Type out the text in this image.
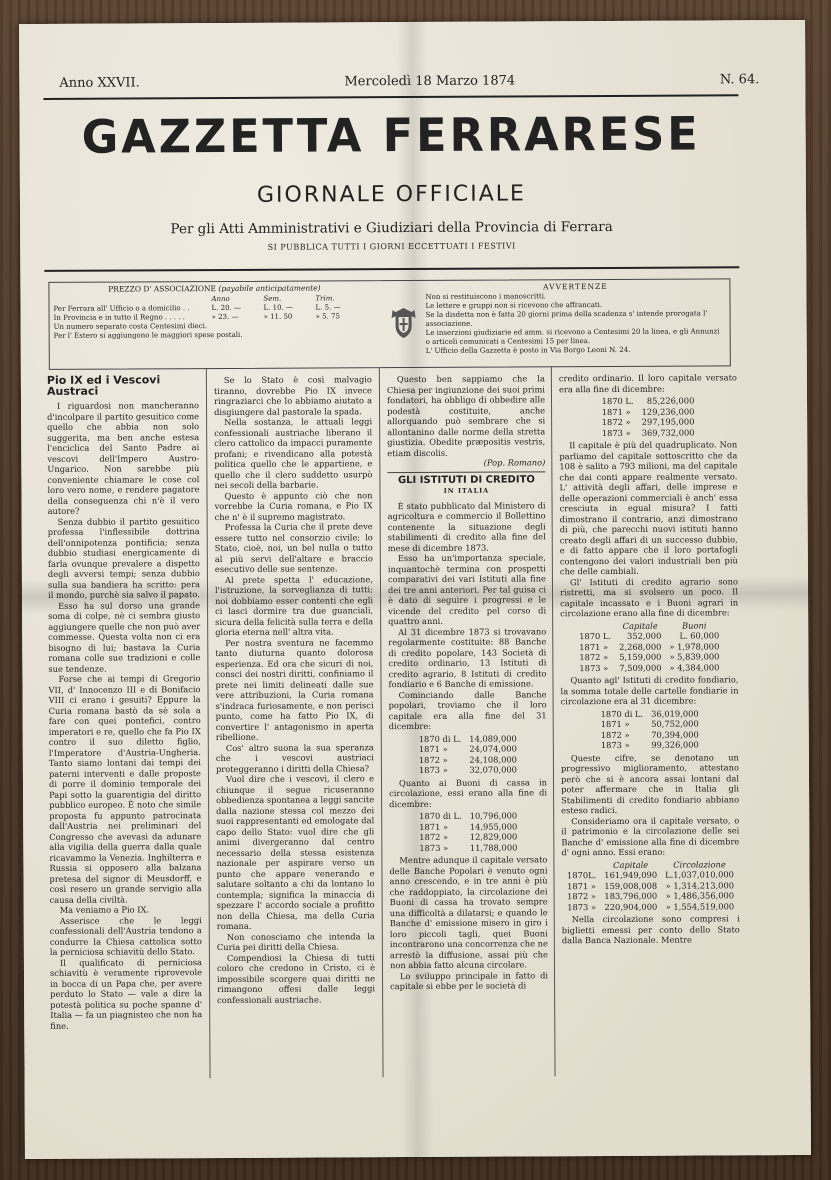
Anno XXVII.	Mercoledì 18 Marzo 1874	N. 64.
GAZZETTA FERRARESE
GIORNALE OFFICIALE
Per gli Atti Amministrativi e Giudiziari della Provincia di Ferrara
SI PUBBLICA TUTTI I GIORNI ECCETTUATI I FESTIVI
PREZZO D' ASSOCIAZIONE (payabile anticipatamente)
Anno	Sem.	Trim.
Per Ferrara all' Ufficio o a domicilio . .	L. 20. —	L. 10. —	L. 5. —
In Provincia e in tutto il Regno . . . . .	» 23. —	» 11. 50	» 5. 75
Un numero separato costa Centesimi dieci.
Per l' Estero si aggiungono le maggiori spese postali.
AVVERTENZE
Non si restituiscono i manoscritti.
Le lettere e gruppi non si ricevono che affrancati.
Se la disdetta non è fatta 20 giorni prima della scadenza s' intende prorogata l' associazione.
Le inserzioni giudiziarie ed amm. si ricevono a Centesimi 20 la linea, e gli Annunzi o articoli comunicati a Centesimi 15 per linea.
L' Ufficio della Gazzetta è posto in Via Borgo Leoni N. 24.
Pio IX ed i Vescovi Austraci

I riguardosi non mancheranno d'incolpare il partito gesuitico come quello che abbia non solo suggerita, ma ben anche estesa l'enciclica del Santo Padre ai vescovi dell'Impero Austro-Ungarico. Non sarebbe più conveniente chiamare le cose col loro vero nome, e rendere pagatore della conseguenza chi n'è il vero autore?

Senza dubbio il partito gesuitico professa l'inflessibile dottrina dell'onnipotenza pontificia; senza dubbio studiasi energicamente di farla ovunque prevalere a dispetto degli avversi tempi; senza dubbio sulla sua bandiera ha scritto: pera il mondo, purchè sia salvo il papato.

Esso ha sul dorso una grande soma di colpe, nè ci sembra giusto aggiungere quelle che non può aver commesse. Questa volta non ci era bisogno di lui; bastava la Curia romana colle sue tradizioni e colle sue tendenze.

Forse che ai tempi di Gregorio VII, d' Innocenzo III e di Bonifacio VIII ci erano i gesuiti? Eppure la Curia romana bastò da sè sola a fare con quei pontefici, contro imperatori e re, quello che fa Pio IX contro il suo diletto figlio, l'Imperatore d'Austria-Ungheria. Tanto siamo lontani dai tempi dei paterni interventi e dalle proposte di porre il dominio temporale dei Papi sotto la guarentigia del diritto pubblico europeo. È noto che simile proposta fu appunto patrocinata dall'Austria nei preliminari del Congresso che avevasi da adunare alla vigilia della guerra dalla quale ricavammo la Venezia. Inghilterra e Russia si opposero alla balzana pretesa del signor di Meusdorff, e così resero un grande servigio alla causa della civiltà.

Ma veniamo a Pio IX.

Asserisce che le leggi confessionali dell'Austria tendono a condurre la Chiesa cattolica sotto la perniciosa schiavitù dello Stato.

Il qualificato di perniciosa schiavitù è veramente riprovevole in bocca di un Papa che, per avere perduto lo Stato — vale a dire la potestà politica su poche spanne d' Italia — fa un piagnisteo che non ha fine.

Se lo Stato è così malvagio tiranno, dovrebbe Pio IX invece ringraziarci che lo abbiamo aiutato a disgiungere dal pastorale la spada.

Nella sostanza, le attuali leggi confessionali austriache liberano il clero cattolico da impacci puramente profani; e rivendicano alla potestà politica quello che le appartiene, e quello che il clero suddetto usurpò nei secoli della barbarie.

Questo è appunto ciò che non vorrebbe la Curia romana, e Pio IX che n' è il supremo magistrato.

Professa la Curia che il prete deve essere tutto nel consorzio civile; lo Stato, cioè, noi, un bel nulla o tutto al più servi dell'altare e braccio esecutivo delle sue sentenze.

Al prete spetta l' educazione, l'istruzione, la sorveglianza di tutti; noi dobbiamo esser contenti che egli ci lasci dormire tra due guanciali, sicura della felicità sulla terra e della gloria eterna nell' altra vita.

Per nostra sventura ne facemmo tanto diuturna quanto dolorosa esperienza. Ed ora che sicuri di noi, consci dei nostri diritti, confiniamo il prete nei limiti delineati dalle sue vere attribuzioni, la Curia romana s'indraca furiosamente, e non perisci punto, come ha fatto Pio IX, di convertire l' antagonismo in aperta ribellione.

Cos' altro suona la sua speranza che i vescovi austriaci proteggeranno i diritti della Chiesa?

Vuol dire che i vescovi, il clero e chiunque il segue ricuseranno obbedienza spontanea a leggi sancite dalla nazione stessa col mezzo dei suoi rappresentanti ed emologate dal capo dello Stato: vuol dire che gli animi divergeranno dal centro necessario della stessa esistenza nazionale per aspirare verso un punto che appare venerando e salutare soltanto a chi da lontano lo contempla; significa la minaccia di spezzare l' accordo sociale a profitto non della Chiesa, ma della Curia romana.

Non conosciamo che intenda la Curia pei diritti della Chiesa.

Compendiosi la Chiesa di tutti coloro che credono in Cristo, ci è impossibile scorgere quai diritti ne rimangono offesi dalle leggi confessionali austriache.

Questo ben sappiamo che la Chiesa per ingiunzione dei suoi primi fondatori, ha obbligo di obbedire alle podestà costituite, anche allorquando può sembrare che si allontanino dalle norme della stretta giustizia. Obedite præpositis vestris, etiam discolis.

(Pop. Romano)
GLI ISTITUTI DI CREDITO
IN ITALIA

È stato pubblicato dal Ministero di agricoltura e commercio il Bollettino contenente la situazione degli stabilimenti di credito alla fine del mese di dicembre 1873.

Esso ha un'importanza speciale, inquantochè termina con prospetti comparativi dei vari Istituti alla fine dei tre anni anteriori. Per tal guisa ci è dato di seguire i progressi e le vicende del credito pel corso di quattro anni.

Al 31 dicembre 1873 si trovavano regolarmente costituite: 88 Banche di credito popolare, 143 Società di credito ordinario, 13 Istituti di credito agrario, 8 Istituti di credito fondiario e 6 Banche di emissione.

Cominciando dalle Banche popolari, troviamo che il loro capitale era alla fine del 31 dicembre:

1870 di L.	14,089,000
1871 »	24,074,000
1872 »	24,108,000
1873 »	32,070,000

Quanto ai Buoni di cassa in circolazione, essi erano alla fine di dicembre:

1870 di L.	10,796,000
1871 »	14,955,000
1872 »	12,829,000
1873 »	11,788,000

Mentre adunque il capitale versato delle Banche Popolari è venuto ogni anno crescendo, e in tre anni è più che raddoppiato, la circolazione dei Buoni di cassa ha trovato sempre una difficoltà a dilatarsi; e quando le Banche d' emissione misero in giro i loro piccoli tagli, quei Buoni incontrarono una concorrenza che ne arrestò la diffusione, assai più che non abbia fatto alcuna circolare.

Lo sviluppo principale in fatto di capitale si ebbe per le società di

credito ordinario. Il loro capitale versato era alla fine di dicembre:

1870 L.	85,226,000
1871 »	129,236,000
1872 »	297,195,000
1873 »	369,732,000

Il capitale è più del quadruplicato. Non parliamo del capitale sottoscritto che da 108 è salito a 793 milioni, ma del capitale che dai conti appare realmente versato. L' attività degli affari, delle imprese e delle operazioni commerciali è anch' essa cresciuta in egual misura? I fatti dimostrano il contrario, anzi dimostrano di più, che parecchi nuovi istituti hanno creato degli affari di un successo dubbio, e di fatto appare che il loro portafogli contengono dei valori industriali ben più che delle cambiali.

Gl' Istituti di credito agrario sono ristretti, ma si svolsero un poco. Il capitale incassato e i Buoni agrari in circolazione erano alla fine di dicembre:

	Capitale	Buoni
1870 L.	352,000	L. 60,000
1871 »	2,268,000	» 1,978,000
1872 »	5,159,000	» 5,839,000
1873 »	7,509,000	» 4,384,000

Quanto agl' Istituti di credito fondiario, la somma totale delle cartelle fondiarie in circolazione era al 31 dicembre:

1870 di L.	36,019,000
1871 »	50,752,000
1872 »	70,394,000
1873 »	99,326,000

Queste cifre, se denotano un progressivo miglioramento, attestano però che si è ancora assai lontani dal poter affermare che in Italia gli Stabilimenti di credito fondiario abbiano esteso radici.

Consideriamo ora il capitale versato, o il patrimonio e la circolazione delle sei Banche d' emissione alla fine di dicembre d' ogni anno. Essi erano:

	Capitale	Circolazione
1870L.	161,949,090	L.1,037,010,000
1871 »	159,008,008	» 1,314,213,000
1872 »	183,796,000	» 1,486,356,000
1873 »	220,904,000	» 1,554,519,000

Nella circolazione sono compresi i biglietti emessi per conto dello Stato dalla Banca Nazionale. Mentre
